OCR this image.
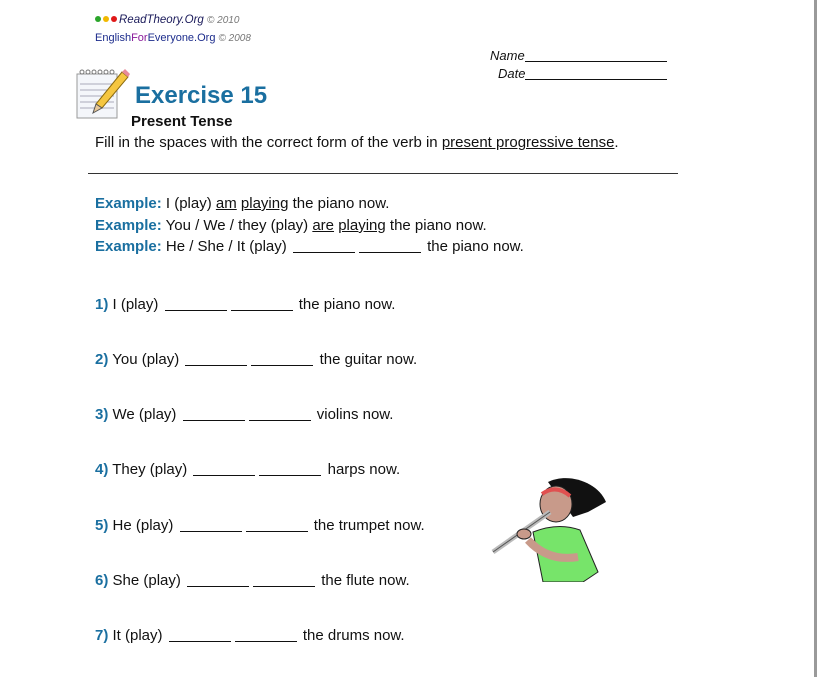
ReadTheory.Org © 2010
EnglishForEveryone.Org © 2008
Name
Date
Exercise 15
Present Tense
Fill in the spaces with the correct form of the verb in present progressive tense.
Example: I (play) am playing the piano now.
Example: You / We / they (play) are playing the piano now.
Example: He / She / It (play)	the piano now.
1) I (play)	the piano now.
2) You (play)	the guitar now.
3) We (play)	violins now.
4) They (play)	harps now.
5) He (play)	the trumpet now.
6) She (play)	the flute now.
7) It (play)	the drums now.
